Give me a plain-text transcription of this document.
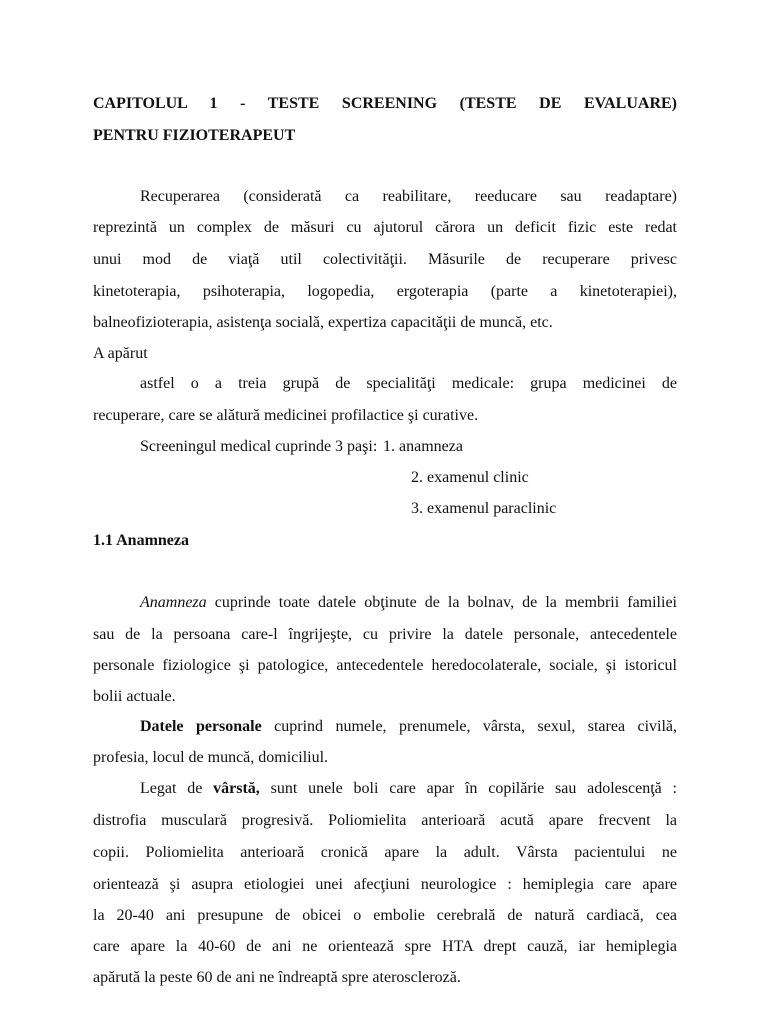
CAPITOLUL 1 - TESTE SCREENING (TESTE DE EVALUARE)
PENTRU FIZIOTERAPEUT
Recuperarea (considerată ca reabilitare, reeducare sau readaptare)
reprezintă un complex de măsuri cu ajutorul cărora un deficit fizic este redat
unui mod de viaţă util colectivităţii. Măsurile de recuperare privesc
kinetoterapia, psihoterapia, logopedia, ergoterapia (parte a kinetoterapiei),
balneofizioterapia, asistenţa socială, expertiza capacităţii de muncă, etc.
A apărut
astfel o a treia grupă de specialităţi medicale: grupa medicinei de
recuperare, care se alătură medicinei profilactice şi curative.
Screeningul medical cuprinde 3 paşi: 1. anamneza
2. examenul clinic
3. examenul paraclinic
1.1 Anamneza
Anamneza cuprinde toate datele obţinute de la bolnav, de la membrii familiei
sau de la persoana care-l îngrijeşte, cu privire la datele personale, antecedentele
personale fiziologice şi patologice, antecedentele heredocolaterale, sociale, şi istoricul
bolii actuale.
Datele personale cuprind numele, prenumele, vârsta, sexul, starea civilă,
profesia, locul de muncă, domiciliul.
Legat de vârstă, sunt unele boli care apar în copilărie sau adolescenţă :
distrofia musculară progresivă. Poliomielita anterioară acută apare frecvent la
copii. Poliomielita anterioară cronică apare la adult. Vârsta pacientului ne
orientează şi asupra etiologiei unei afecţiuni neurologice : hemiplegia care apare
la 20-40 ani presupune de obicei o embolie cerebrală de natură cardiacă, cea
care apare la 40-60 de ani ne orientează spre HTA drept cauză, iar hemiplegia
apărută la peste 60 de ani ne îndreaptă spre ateroscleroză.
